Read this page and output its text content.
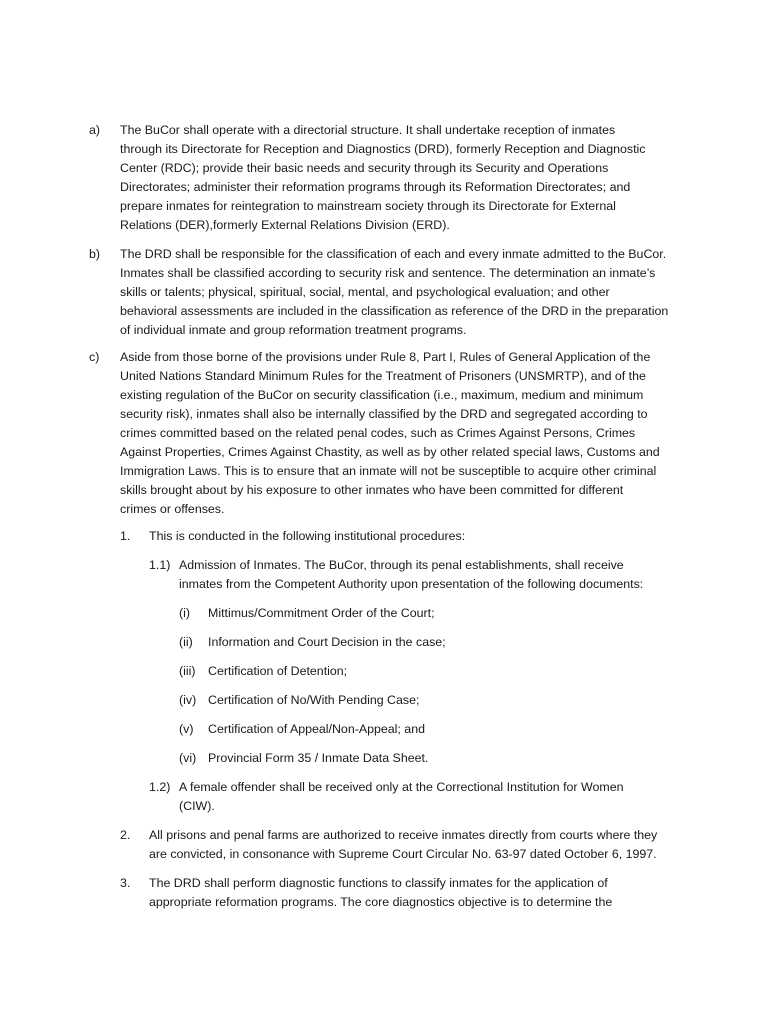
a) The BuCor shall operate with a directorial structure. It shall undertake reception of inmates
through its Directorate for Reception and Diagnostics (DRD), formerly Reception and Diagnostic
Center (RDC); provide their basic needs and security through its Security and Operations
Directorates; administer their reformation programs through its Reformation Directorates; and
prepare inmates for reintegration to mainstream society through its Directorate for External
Relations (DER),formerly External Relations Division (ERD).
b) The DRD shall be responsible for the classification of each and every inmate admitted to the BuCor.
Inmates shall be classified according to security risk and sentence. The determination an inmate’s
skills or talents; physical, spiritual, social, mental, and psychological evaluation; and other
behavioral assessments are included in the classification as reference of the DRD in the preparation
of individual inmate and group reformation treatment programs.
c) Aside from those borne of the provisions under Rule 8, Part I, Rules of General Application of the
United Nations Standard Minimum Rules for the Treatment of Prisoners (UNSMRTP), and of the
existing regulation of the BuCor on security classification (i.e., maximum, medium and minimum
security risk), inmates shall also be internally classified by the DRD and segregated according to
crimes committed based on the related penal codes, such as Crimes Against Persons, Crimes
Against Properties, Crimes Against Chastity, as well as by other related special laws, Customs and
Immigration Laws. This is to ensure that an inmate will not be susceptible to acquire other criminal
skills brought about by his exposure to other inmates who have been committed for different
crimes or offenses.
1. This is conducted in the following institutional procedures:
1.1) Admission of Inmates. The BuCor, through its penal establishments, shall receive
inmates from the Competent Authority upon presentation of the following documents:
(i) Mittimus/Commitment Order of the Court;
(ii) Information and Court Decision in the case;
(iii) Certification of Detention;
(iv) Certification of No/With Pending Case;
(v) Certification of Appeal/Non-Appeal; and
(vi) Provincial Form 35 / Inmate Data Sheet.
1.2) A female offender shall be received only at the Correctional Institution for Women
(CIW).
2. All prisons and penal farms are authorized to receive inmates directly from courts where they
are convicted, in consonance with Supreme Court Circular No. 63-97 dated October 6, 1997.
3. The DRD shall perform diagnostic functions to classify inmates for the application of
appropriate reformation programs. The core diagnostics objective is to determine the
